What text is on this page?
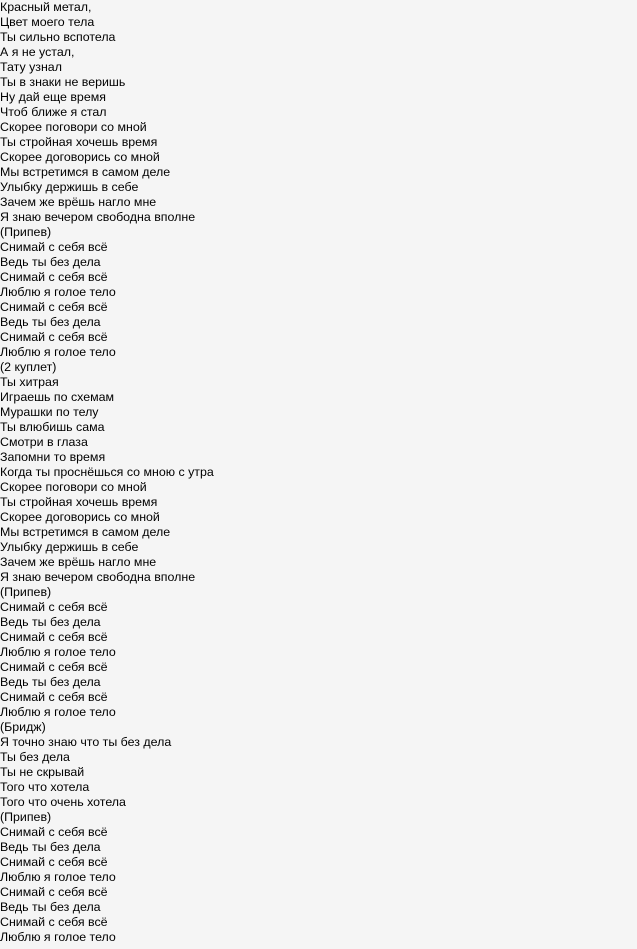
Красный метал,
Цвет моего тела
Ты сильно вспотела
А я не устал,
Тату узнал
Ты в знаки не веришь
Ну дай еще время
Чтоб ближе я стал
Скорее поговори со мной
Ты стройная хочешь время
Скорее договорись со мной
Мы встретимся в самом деле
Улыбку держишь в себе
Зачем же врёшь нагло мне
Я знаю вечером свободна вполне
(Припев)
Снимай с себя всё
Ведь ты без дела
Снимай с себя всё
Люблю я голое тело
Снимай с себя всё
Ведь ты без дела
Снимай с себя всё
Люблю я голое тело
(2 куплет)
Ты хитрая
Играешь по схемам
Мурашки по телу
Ты влюбишь сама
Смотри в глаза
Запомни то время
Когда ты проснёшься со мною с утра
Скорее поговори со мной
Ты стройная хочешь время
Скорее договорись со мной
Мы встретимся в самом деле
Улыбку держишь в себе
Зачем же врёшь нагло мне
Я знаю вечером свободна вполне
(Припев)
Снимай с себя всё
Ведь ты без дела
Снимай с себя всё
Люблю я голое тело
Снимай с себя всё
Ведь ты без дела
Снимай с себя всё
Люблю я голое тело
(Бридж)
Я точно знаю что ты без дела
Ты без дела
Ты не скрывай
Того что хотела
Того что очень хотела
(Припев)
Снимай с себя всё
Ведь ты без дела
Снимай с себя всё
Люблю я голое тело
Снимай с себя всё
Ведь ты без дела
Снимай с себя всё
Люблю я голое тело
